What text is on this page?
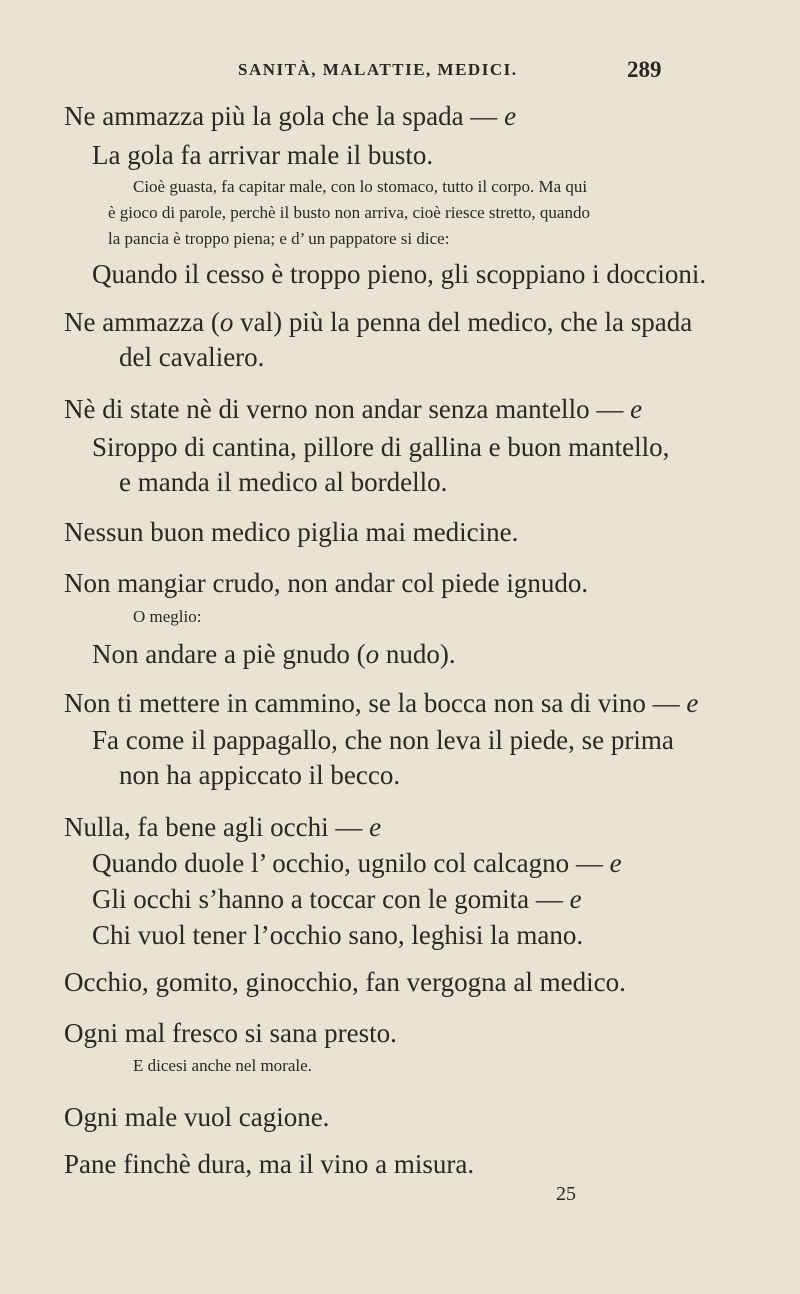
SANITÀ, MALATTIE, MEDICI.	289
Ne ammazza più la gola che la spada — e
La gola fa arrivar male il busto.
Cioè guasta, fa capitar male, con lo stomaco, tutto il corpo. Ma qui
è gioco di parole, perchè il busto non arriva, cioè riesce stretto, quando
la pancia è troppo piena; e d’ un pappatore si dice:
Quando il cesso è troppo pieno, gli scoppiano i doccioni.
Ne ammazza (o val) più la penna del medico, che la spada
del cavaliero.
Nè di state nè di verno non andar senza mantello — e
Siroppo di cantina, pillore di gallina e buon mantello,
e manda il medico al bordello.
Nessun buon medico piglia mai medicine.
Non mangiar crudo, non andar col piede ignudo.
O meglio:
Non andare a piè gnudo (o nudo).
Non ti mettere in cammino, se la bocca non sa di vino — e
Fa come il pappagallo, che non leva il piede, se prima
non ha appiccato il becco.
Nulla, fa bene agli occhi — e
Quando duole l’ occhio, ugnilo col calcagno — e
Gli occhi s’hanno a toccar con le gomita — e
Chi vuol tener l’occhio sano, leghisi la mano.
Occhio, gomito, ginocchio, fan vergogna al medico.
Ogni mal fresco si sana presto.
E dicesi anche nel morale.
Ogni male vuol cagione.
Pane finchè dura, ma il vino a misura.
25
